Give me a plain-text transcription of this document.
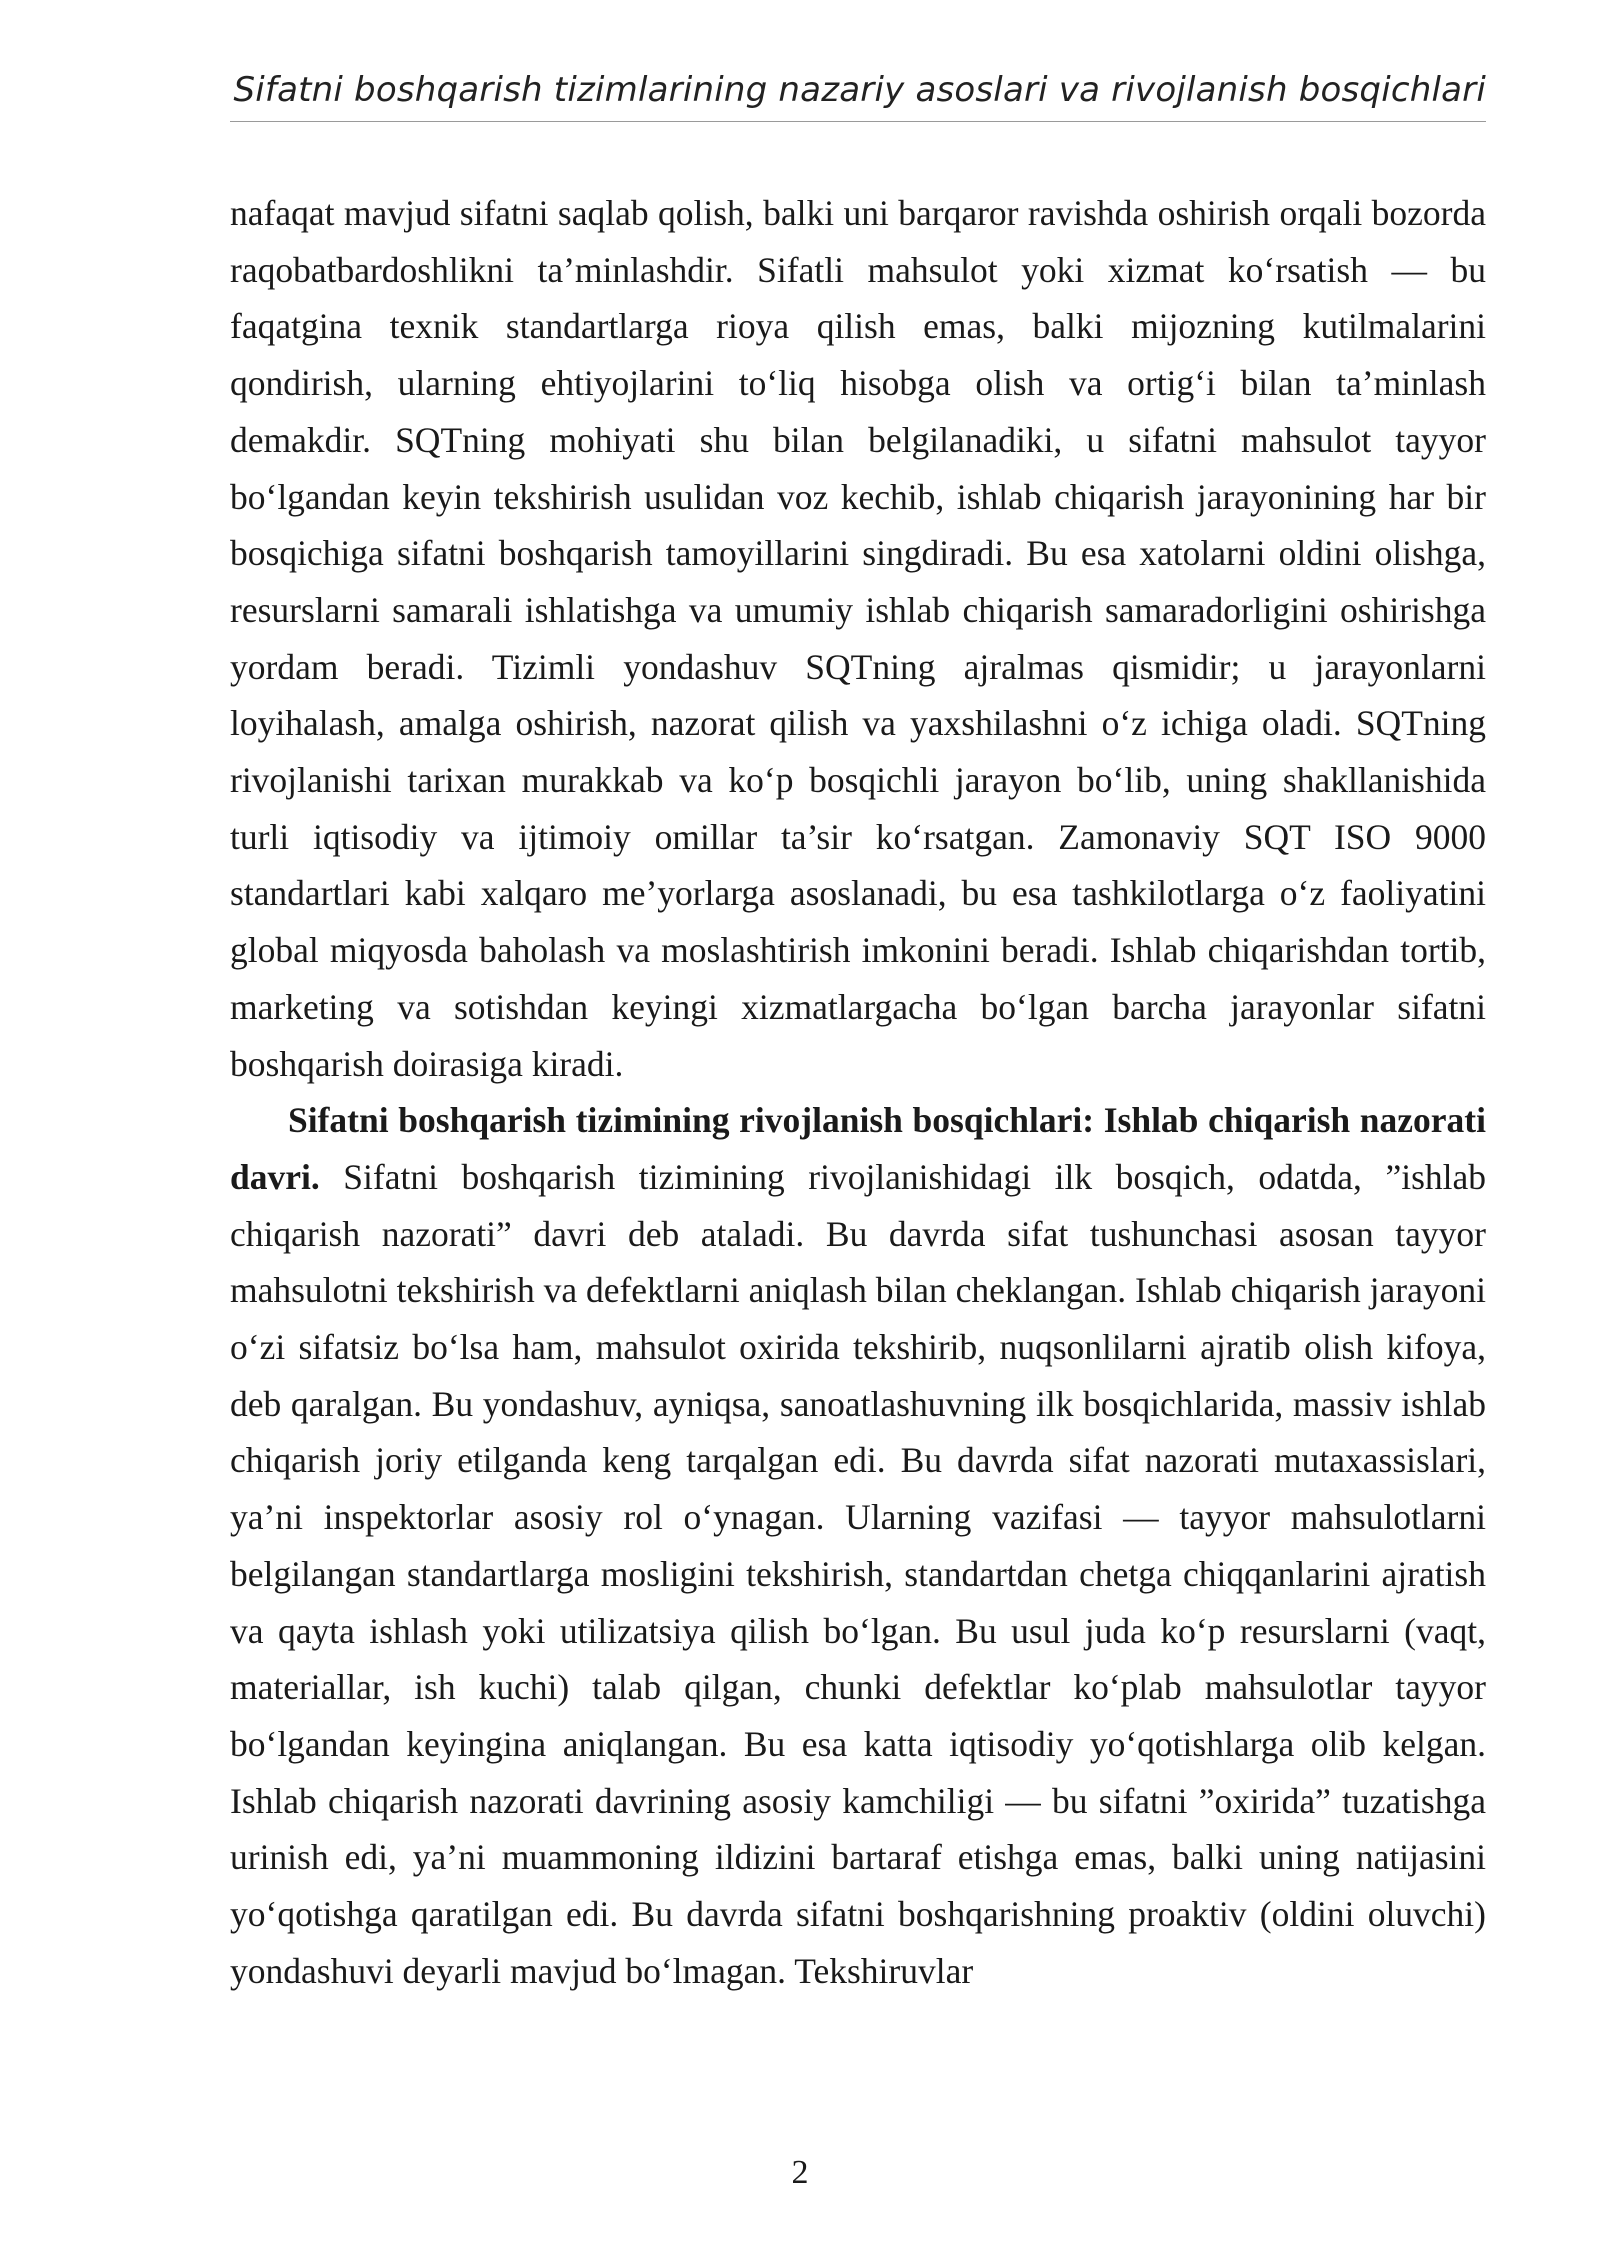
Sifatni boshqarish tizimlarining nazariy asoslari va rivojlanish bosqichlari

nafaqat mavjud sifatni saqlab qolish, balki uni barqaror ravishda oshirish orqali bozorda raqobatbardoshlikni ta’minlashdir. Sifatli mahsulot yoki xizmat ko‘rsatish — bu faqatgina texnik standartlarga rioya qilish emas, balki mijozning kutilmalarini qondirish, ularning ehtiyojlarini to‘liq hisobga olish va ortig‘i bilan ta’minlash demakdir. SQTning mohiyati shu bilan belgilanadiki, u sifatni mahsulot tayyor bo‘lgandan keyin tekshirish usulidan voz kechib, ishlab chiqarish jarayonining har bir bosqichiga sifatni boshqarish tamoyillarini singdiradi. Bu esa xatolarni oldini olishga, resurslarni samarali ishlatishga va umumiy ishlab chiqarish samaradorligini oshirishga yordam beradi. Tizimli yondashuv SQTning ajralmas qismidir; u jarayonlarni loyihalash, amalga oshirish, nazorat qilish va yaxshilashni o‘z ichiga oladi. SQTning rivojlanishi tarixan murakkab va ko‘p bosqichli jarayon bo‘lib, uning shakllanishida turli iqtisodiy va ijtimoiy omillar ta’sir ko‘rsatgan. Zamonaviy SQT ISO 9000 standartlari kabi xalqaro me’yorlarga asoslanadi, bu esa tashkilotlarga o‘z faoliyatini global miqyosda baholash va moslashtirish imkonini beradi. Ishlab chiqarishdan tortib, marketing va sotishdan keyingi xizmatlargacha bo‘lgan barcha jarayonlar sifatni boshqarish doirasiga kiradi.

Sifatni boshqarish tizimining rivojlanish bosqichlari: Ishlab chiqarish nazorati davri. Sifatni boshqarish tizimining rivojlanishidagi ilk bosqich, odatda, ”ishlab chiqarish nazorati” davri deb ataladi. Bu davrda sifat tushunchasi asosan tayyor mahsulotni tekshirish va defektlarni aniqlash bilan cheklangan. Ishlab chiqarish jarayoni o‘zi sifatsiz bo‘lsa ham, mahsulot oxirida tekshirib, nuqsonlilarni ajratib olish kifoya, deb qaralgan. Bu yondashuv, ayniqsa, sanoatlashuvning ilk bosqichlarida, massiv ishlab chiqarish joriy etilganda keng tarqalgan edi. Bu davrda sifat nazorati mutaxassislari, ya’ni inspektorlar asosiy rol o‘ynagan. Ularning vazifasi — tayyor mahsulotlarni belgilangan standartlarga mosligini tekshirish, standartdan chetga chiqqanlarini ajratish va qayta ishlash yoki utilizatsiya qilish bo‘lgan. Bu usul juda ko‘p resurslarni (vaqt, materiallar, ish kuchi) talab qilgan, chunki defektlar ko‘plab mahsulotlar tayyor bo‘lgandan keyingina aniqlangan. Bu esa katta iqtisodiy yo‘qotishlarga olib kelgan. Ishlab chiqarish nazorati davrining asosiy kamchiligi — bu sifatni ”oxirida” tuzatishga urinish edi, ya’ni muammoning ildizini bartaraf etishga emas, balki uning natijasini yo‘qotishga qaratilgan edi. Bu davrda sifatni boshqarishning proaktiv (oldini oluvchi) yondashuvi deyarli mavjud bo‘lmagan. Tekshiruvlar

2
